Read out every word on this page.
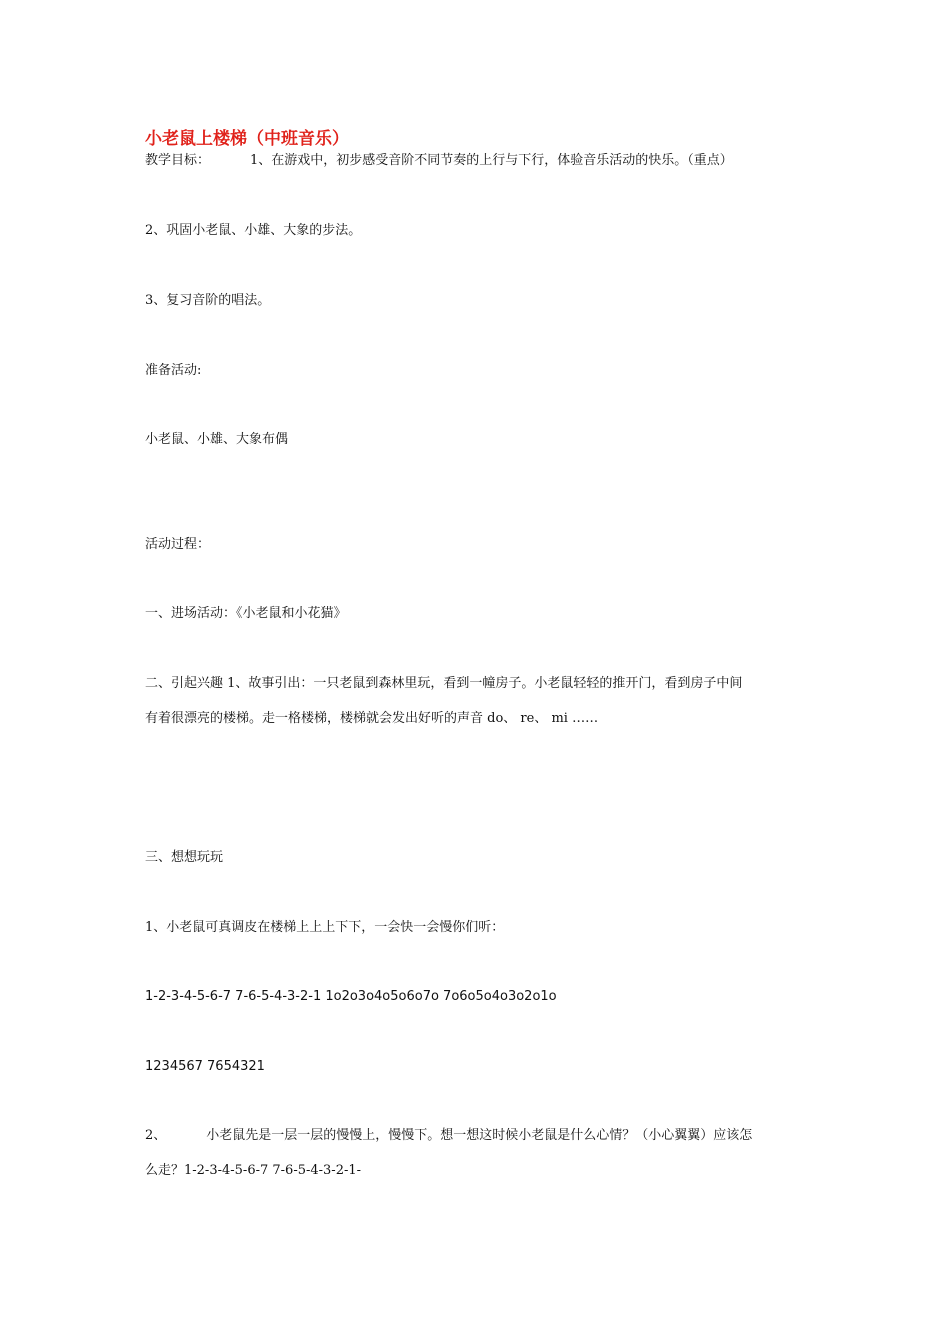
小老鼠上楼梯（中班音乐）
教学目标：	1、在游戏中，初步感受音阶不同节奏的上行与下行，体验音乐活动的快乐。（重点）
2、巩固小老鼠、小雄、大象的步法。
3、复习音阶的唱法。
准备活动:
小老鼠、小雄、大象布偶
活动过程：
一、进场活动：《小老鼠和小花猫》
二、引起兴趣 1、故事引出：一只老鼠到森林里玩，看到一幢房子。小老鼠轻轻的推开门，看到房子中间
有着很漂亮的楼梯。走一格楼梯，楼梯就会发出好听的声音 do、 re、 mi ……
三、想想玩玩
1、小老鼠可真调皮在楼梯上上上下下，一会快一会慢你们听：
1-2-3-4-5-6-7 7-6-5-4-3-2-1 1o2o3o4o5o6o7o 7o6o5o4o3o2o1o
1234567 7654321
2、	小老鼠先是一层一层的慢慢上，慢慢下。想一想这时候小老鼠是什么心情？（小心翼翼）应该怎
么走？1-2-3-4-5-6-7 7-6-5-4-3-2-1-
